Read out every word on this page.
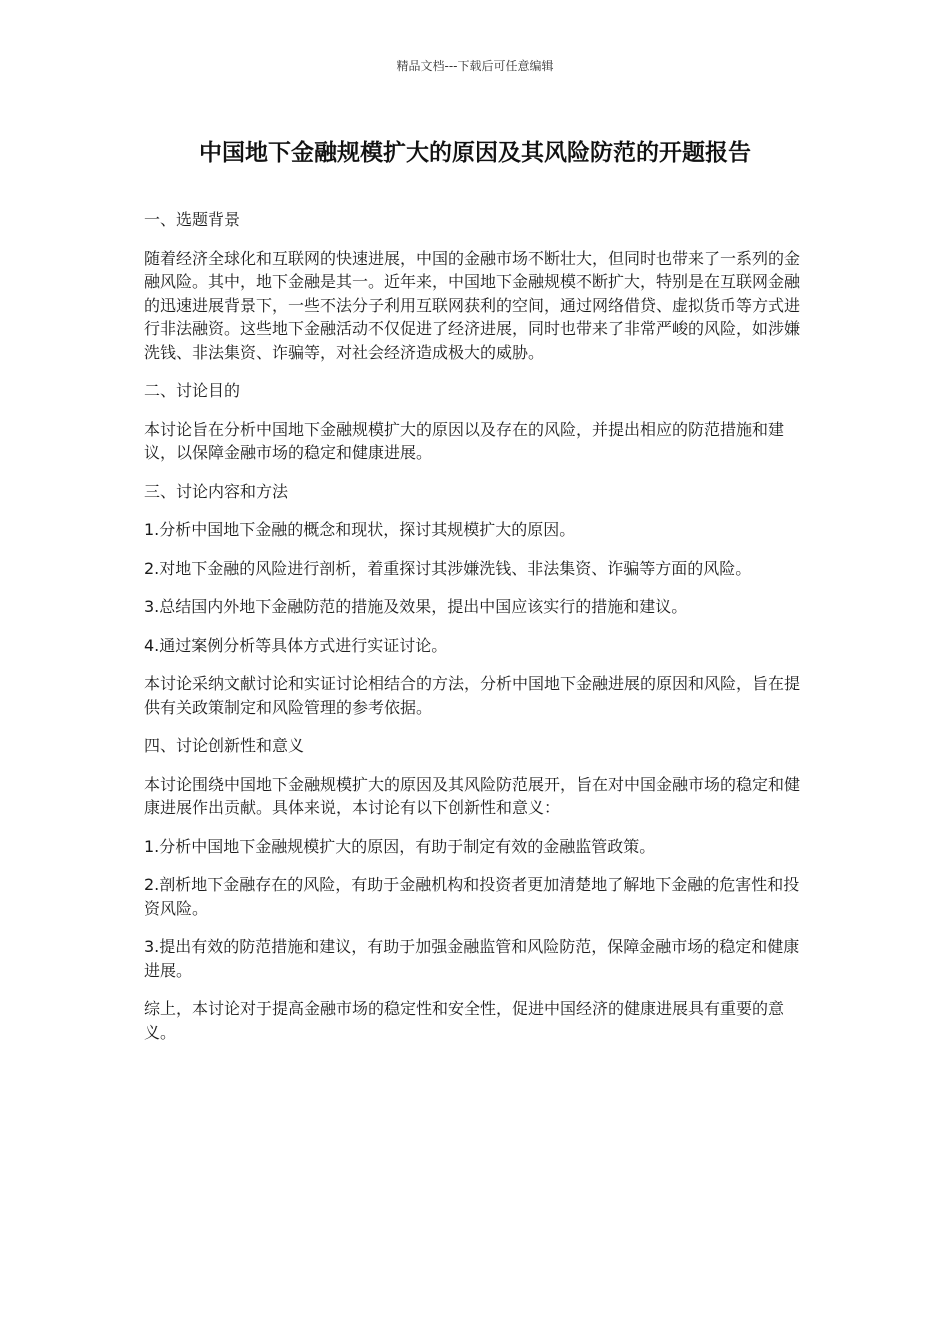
精品文档---下载后可任意编辑
中国地下金融规模扩大的原因及其风险防范的开题报告

一、选题背景

随着经济全球化和互联网的快速进展，中国的金融市场不断壮大，但同时也带来了一系列的金融风险。其中，地下金融是其一。近年来，中国地下金融规模不断扩大，特别是在互联网金融的迅速进展背景下，一些不法分子利用互联网获利的空间，通过网络借贷、虚拟货币等方式进行非法融资。这些地下金融活动不仅促进了经济进展，同时也带来了非常严峻的风险，如涉嫌洗钱、非法集资、诈骗等，对社会经济造成极大的威胁。

二、讨论目的

本讨论旨在分析中国地下金融规模扩大的原因以及存在的风险，并提出相应的防范措施和建议，以保障金融市场的稳定和健康进展。

三、讨论内容和方法

1.分析中国地下金融的概念和现状，探讨其规模扩大的原因。

2.对地下金融的风险进行剖析，着重探讨其涉嫌洗钱、非法集资、诈骗等方面的风险。

3.总结国内外地下金融防范的措施及效果，提出中国应该实行的措施和建议。

4.通过案例分析等具体方式进行实证讨论。

本讨论采纳文献讨论和实证讨论相结合的方法，分析中国地下金融进展的原因和风险，旨在提供有关政策制定和风险管理的参考依据。

四、讨论创新性和意义

本讨论围绕中国地下金融规模扩大的原因及其风险防范展开，旨在对中国金融市场的稳定和健康进展作出贡献。具体来说，本讨论有以下创新性和意义：

1.分析中国地下金融规模扩大的原因，有助于制定有效的金融监管政策。

2.剖析地下金融存在的风险，有助于金融机构和投资者更加清楚地了解地下金融的危害性和投资风险。

3.提出有效的防范措施和建议，有助于加强金融监管和风险防范，保障金融市场的稳定和健康进展。

综上，本讨论对于提高金融市场的稳定性和安全性，促进中国经济的健康进展具有重要的意义。
